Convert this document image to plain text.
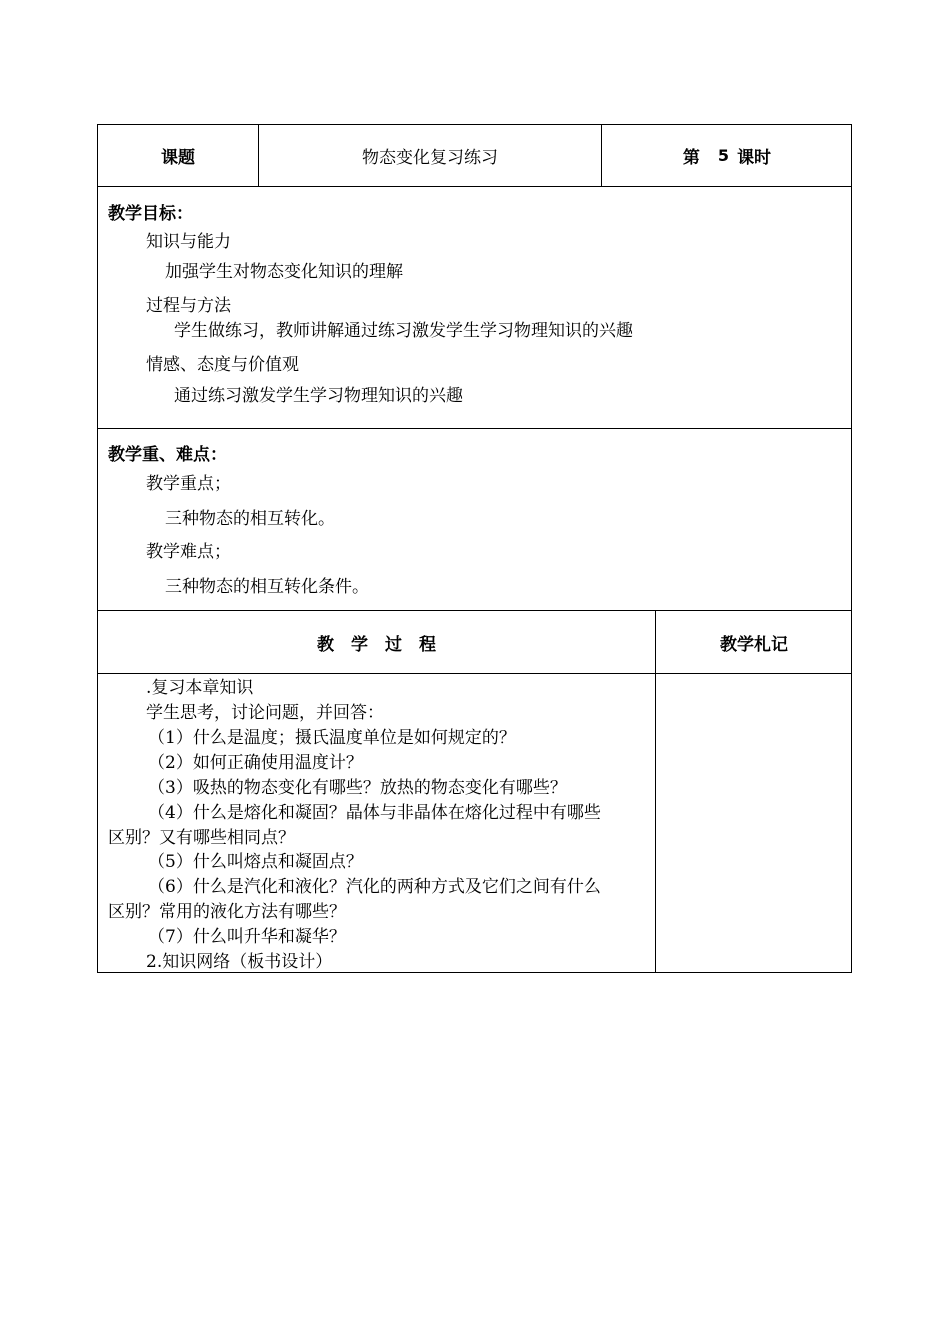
课题	物态变化复习练习	第 5 课时
教学目标：
知识与能力
加强学生对物态变化知识的理解
过程与方法
学生做练习，教师讲解通过练习激发学生学习物理知识的兴趣
情感、态度与价值观
通过练习激发学生学习物理知识的兴趣
教学重、难点：
教学重点；
三种物态的相互转化。
教学难点；
三种物态的相互转化条件。
教　学　过　程	教学札记
.复习本章知识
学生思考，讨论问题，并回答：
（1）什么是温度；摄氏温度单位是如何规定的？
（2）如何正确使用温度计？
（3）吸热的物态变化有哪些？放热的物态变化有哪些？
（4）什么是熔化和凝固？晶体与非晶体在熔化过程中有哪些
区别？又有哪些相同点？
（5）什么叫熔点和凝固点？
（6）什么是汽化和液化？汽化的两种方式及它们之间有什么
区别？常用的液化方法有哪些？
（7）什么叫升华和凝华？
2.知识网络（板书设计）
